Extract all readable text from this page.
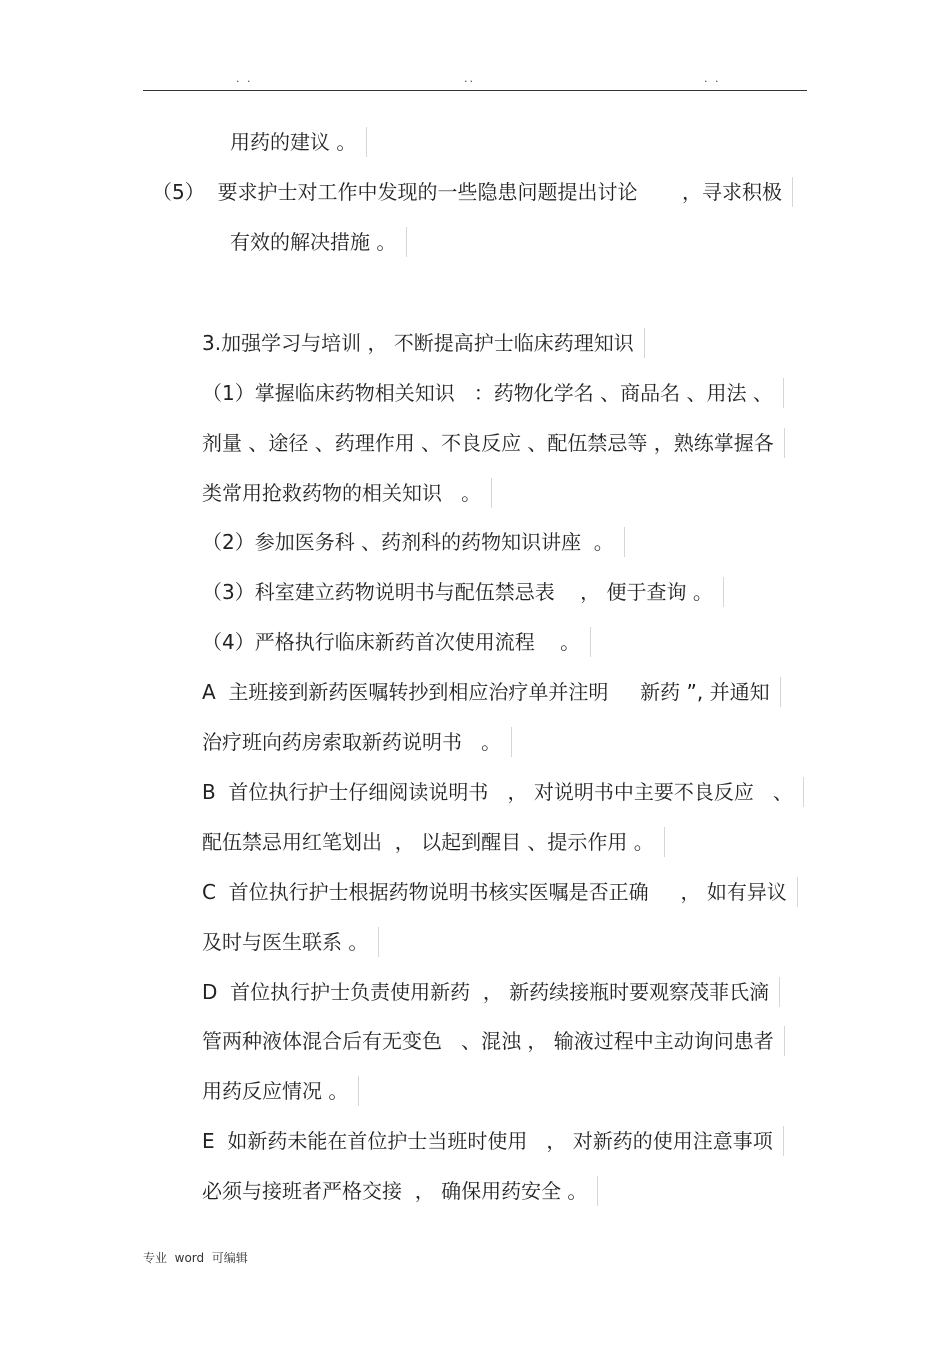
. .	..	. .
用药的建议 。
（5）  要求护士对工作中发现的一些隐患问题提出讨论       ，寻求积极
有效的解决措施 。
3.加强学习与培训 ， 不断提高护士临床药理知识
（1）掌握临床药物相关知识   ：药物化学名 、商品名 、用法 、
剂量 、途径 、药理作用 、不良反应 、配伍禁忌等 ，熟练掌握各
类常用抢救药物的相关知识   。
（2）参加医务科 、药剂科的药物知识讲座  。
（3）科室建立药物说明书与配伍禁忌表    ， 便于查询 。
（4）严格执行临床新药首次使用流程    。
A  主班接到新药医嘱转抄到相应治疗单并注明     新药 ”, 并通知
治疗班向药房索取新药说明书   。
B  首位执行护士仔细阅读说明书   ， 对说明书中主要不良反应   、
配伍禁忌用红笔划出  ， 以起到醒目 、提示作用 。
C  首位执行护士根据药物说明书核实医嘱是否正确     ， 如有异议
及时与医生联系 。
D  首位执行护士负责使用新药  ， 新药续接瓶时要观察茂菲氏滴
管两种液体混合后有无变色   、混浊 ， 输液过程中主动询问患者
用药反应情况 。
E  如新药未能在首位护士当班时使用   ， 对新药的使用注意事项
必须与接班者严格交接  ， 确保用药安全 。
专业  word  可编辑
